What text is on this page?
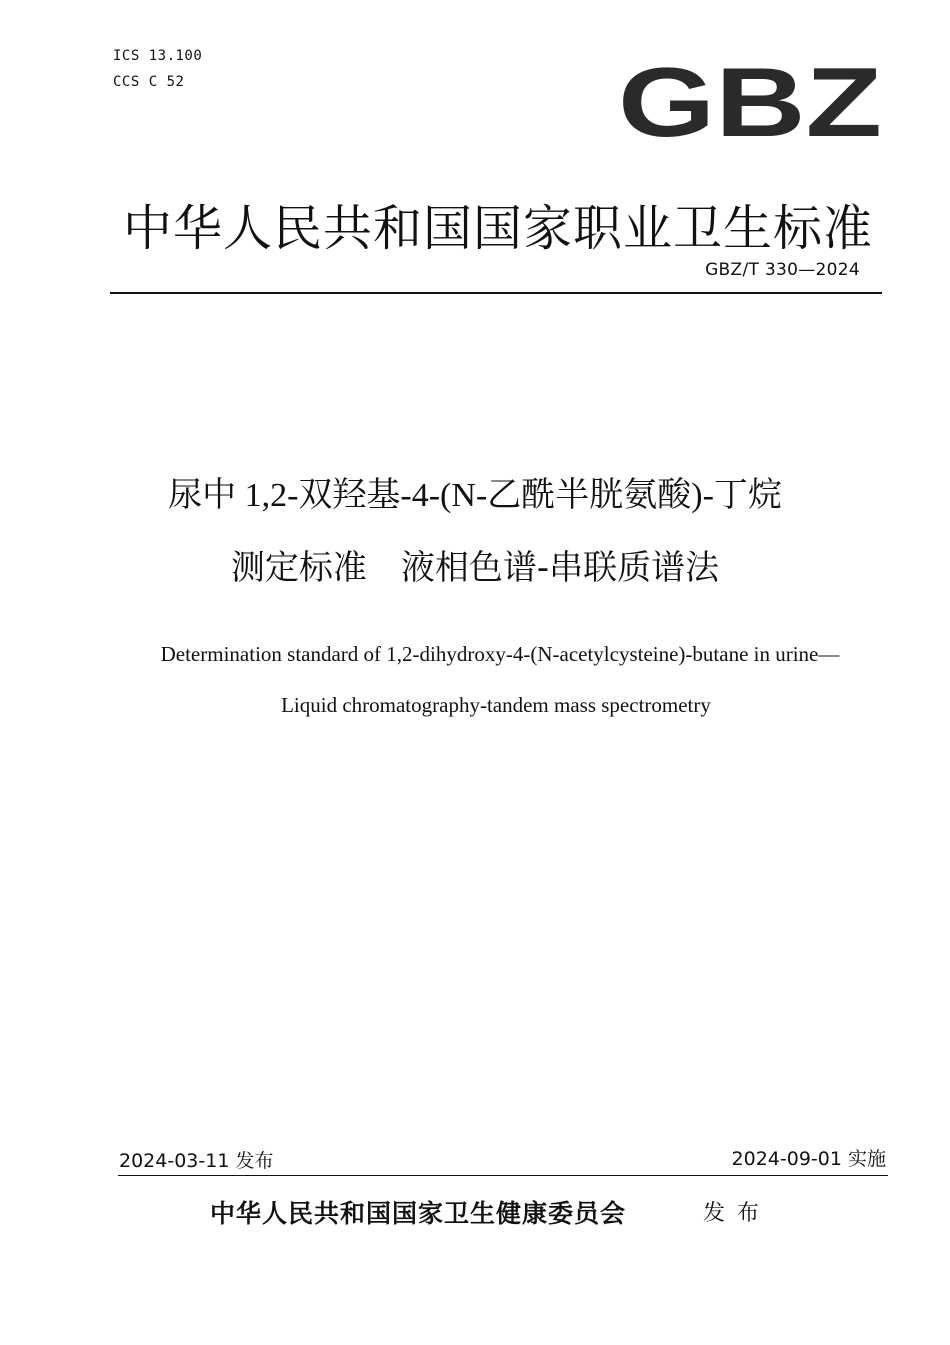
ICS 13.100
CCS C 52	GBZ
中华人民共和国国家职业卫生标准
GBZ/T 330—2024
尿中 1,2-双羟基-4-(N-乙酰半胱氨酸)-丁烷
测定标准　液相色谱-串联质谱法
Determination standard of 1,2-dihydroxy-4-(N-acetylcysteine)-butane in urine—
Liquid chromatography-tandem mass spectrometry
2024-03-11 发布	2024-09-01 实施
中华人民共和国国家卫生健康委员会	发布
